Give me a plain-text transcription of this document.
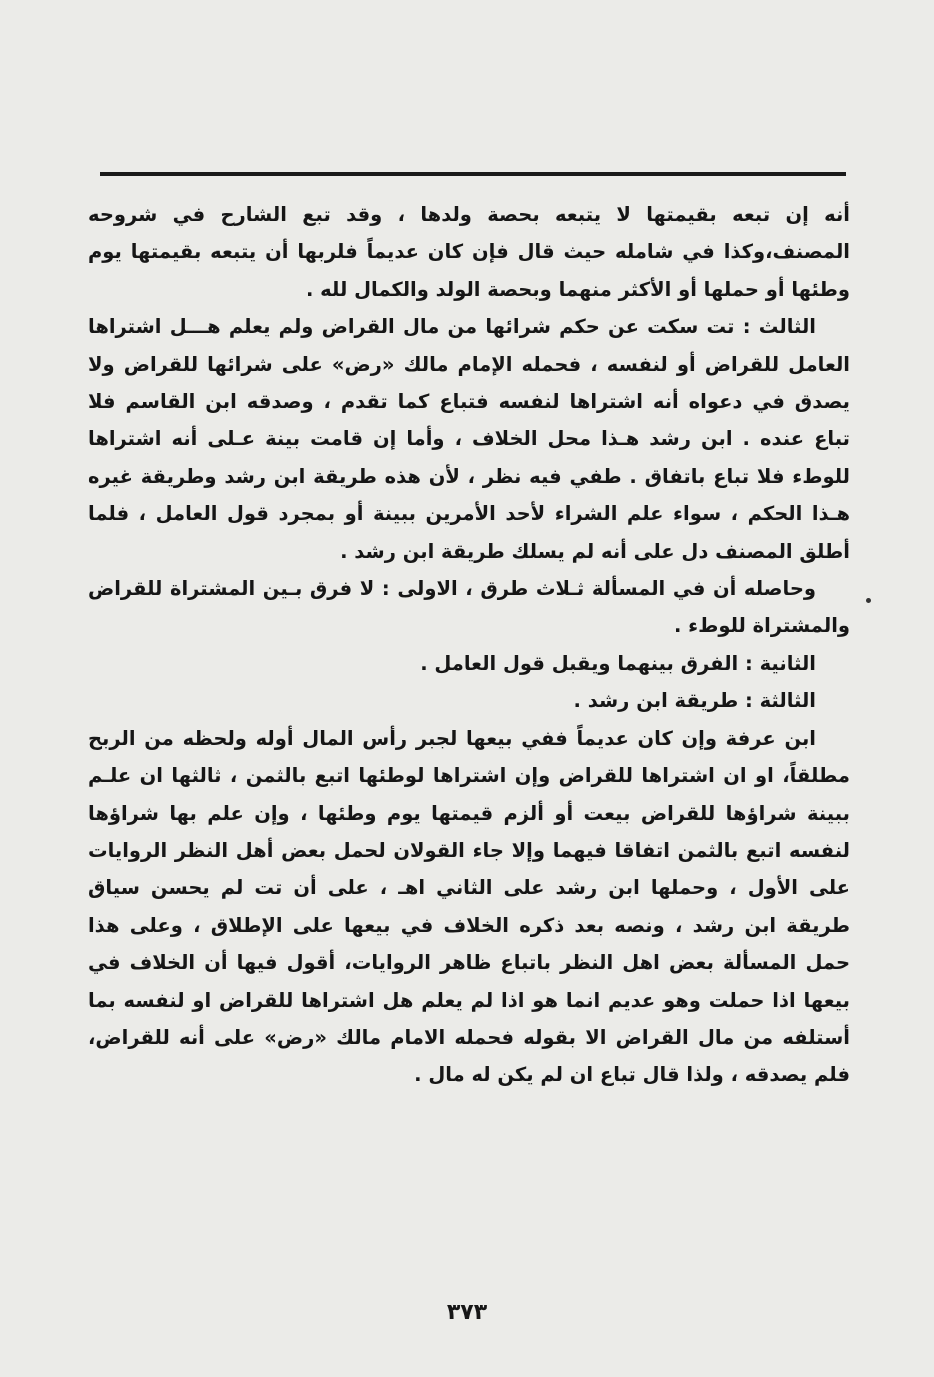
أنه إن تبعه بقيمتها لا يتبعه بحصة ولدها ، وقد تبع الشارح في شروحه المصنف،وكذا في شامله حيث قال فإن كان عديماً فلربها أن يتبعه بقيمتها يوم وطئها أو حملها أو الأكثر منهما وبحصة الولد والكمال لله .

الثالث : تت سكت عن حكم شرائها من مال القراض ولم يعلم هـــل اشتراها العامل للقراض أو لنفسه ، فحمله الإمام مالك «رض» على شرائها للقراض ولا يصدق في دعواه أنه اشتراها لنفسه فتباع كما تقدم ، وصدقه ابن القاسم فلا تباع عنده . ابن رشد هـذا محل الخلاف ، وأما إن قامت بينة عـلى أنه اشتراها للوطء فلا تباع باتفاق . طفي فيه نظر ، لأن هذه طريقة ابن رشد وطريقة غيره هـذا الحكم ، سواء علم الشراء لأحد الأمرين ببينة أو بمجرد قول العامل ، فلما أطلق المصنف دل على أنه لم يسلك طريقة ابن رشد .

وحاصله أن في المسألة ثـلاث طرق ، الاولى : لا فرق بـين المشتراة للقراض والمشتراة للوطء .

الثانية : الفرق بينهما ويقبل قول العامل .

الثالثة : طريقة ابن رشد .

ابن عرفة وإن كان عديماً ففي بيعها لجبر رأس المال أوله ولحظه من الربح مطلقاً، او ان اشتراها للقراض وإن اشتراها لوطئها اتبع بالثمن ، ثالثها ان علـم ببينة شراؤها للقراض بيعت أو ألزم قيمتها يوم وطئها ، وإن علم بها شراؤها لنفسه اتبع بالثمن اتفاقا فيهما وإلا جاء القولان لحمل بعض أهل النظر الروايات على الأول ، وحملها ابن رشد على الثاني اهـ ، على أن تت لم يحسن سياق طريقة ابن رشد ، ونصه بعد ذكره الخلاف في بيعها على الإطلاق ، وعلى هذا حمل المسألة بعض اهل النظر باتباع ظاهر الروايات، أقول فيها أن الخلاف في بيعها اذا حملت وهو عديم انما هو اذا لم يعلم هل اشتراها للقراض او لنفسه بما أستلفه من مال القراض الا بقوله فحمله الامام مالك «رض» على أنه للقراض، فلم يصدقه ، ولذا قال تباع ان لم يكن له مال .

٣٧٣
